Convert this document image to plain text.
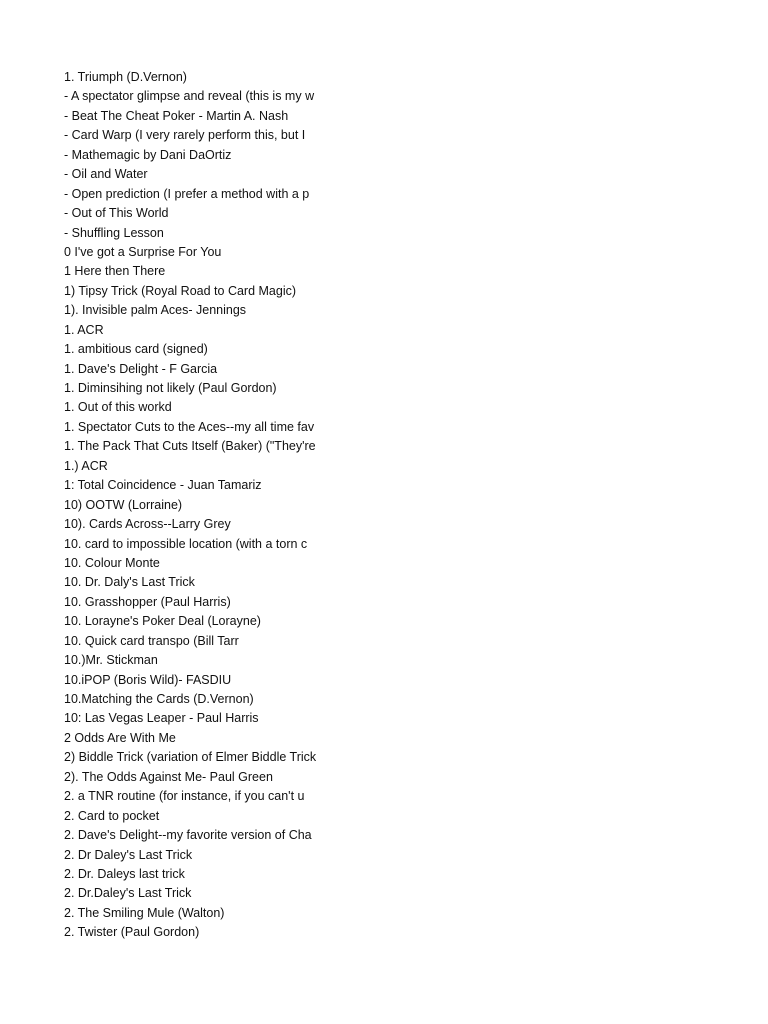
1. Triumph (D.Vernon)
- A spectator glimpse and reveal (this is my w
- Beat The Cheat Poker - Martin A. Nash
- Card Warp (I very rarely perform this, but I
- Mathemagic by Dani DaOrtiz
- Oil and Water
- Open prediction (I prefer a method with a p
- Out of This World
- Shuffling Lesson
0 I've got a Surprise For You
1 Here then There
1) Tipsy Trick (Royal Road to Card Magic)
1). Invisible palm Aces- Jennings
1. ACR
1. ambitious card (signed)
1. Dave's Delight - F Garcia
1. Diminsihing not likely (Paul Gordon)
1. Out of this workd
1. Spectator Cuts to the Aces--my all time fav
1. The Pack That Cuts Itself (Baker) ("They're
1.) ACR
1: Total Coincidence - Juan Tamariz
10) OOTW (Lorraine)
10). Cards Across--Larry Grey
10. card to impossible location (with a torn c
10. Colour Monte
10. Dr. Daly's Last Trick
10. Grasshopper (Paul Harris)
10. Lorayne's Poker Deal (Lorayne)
10. Quick card transpo (Bill Tarr
10.)Mr. Stickman
10.iPOP (Boris Wild)- FASDIU
10.Matching the Cards (D.Vernon)
10: Las Vegas Leaper - Paul Harris
2 Odds Are With Me
2) Biddle Trick (variation of Elmer Biddle Trick
2). The Odds Against Me- Paul Green
2. a TNR routine (for instance, if you can't u
2. Card to pocket
2. Dave's Delight--my favorite version of Cha
2. Dr Daley's Last Trick
2. Dr. Daleys last trick
2. Dr.Daley's Last Trick
2. The Smiling Mule (Walton)
2. Twister (Paul Gordon)
